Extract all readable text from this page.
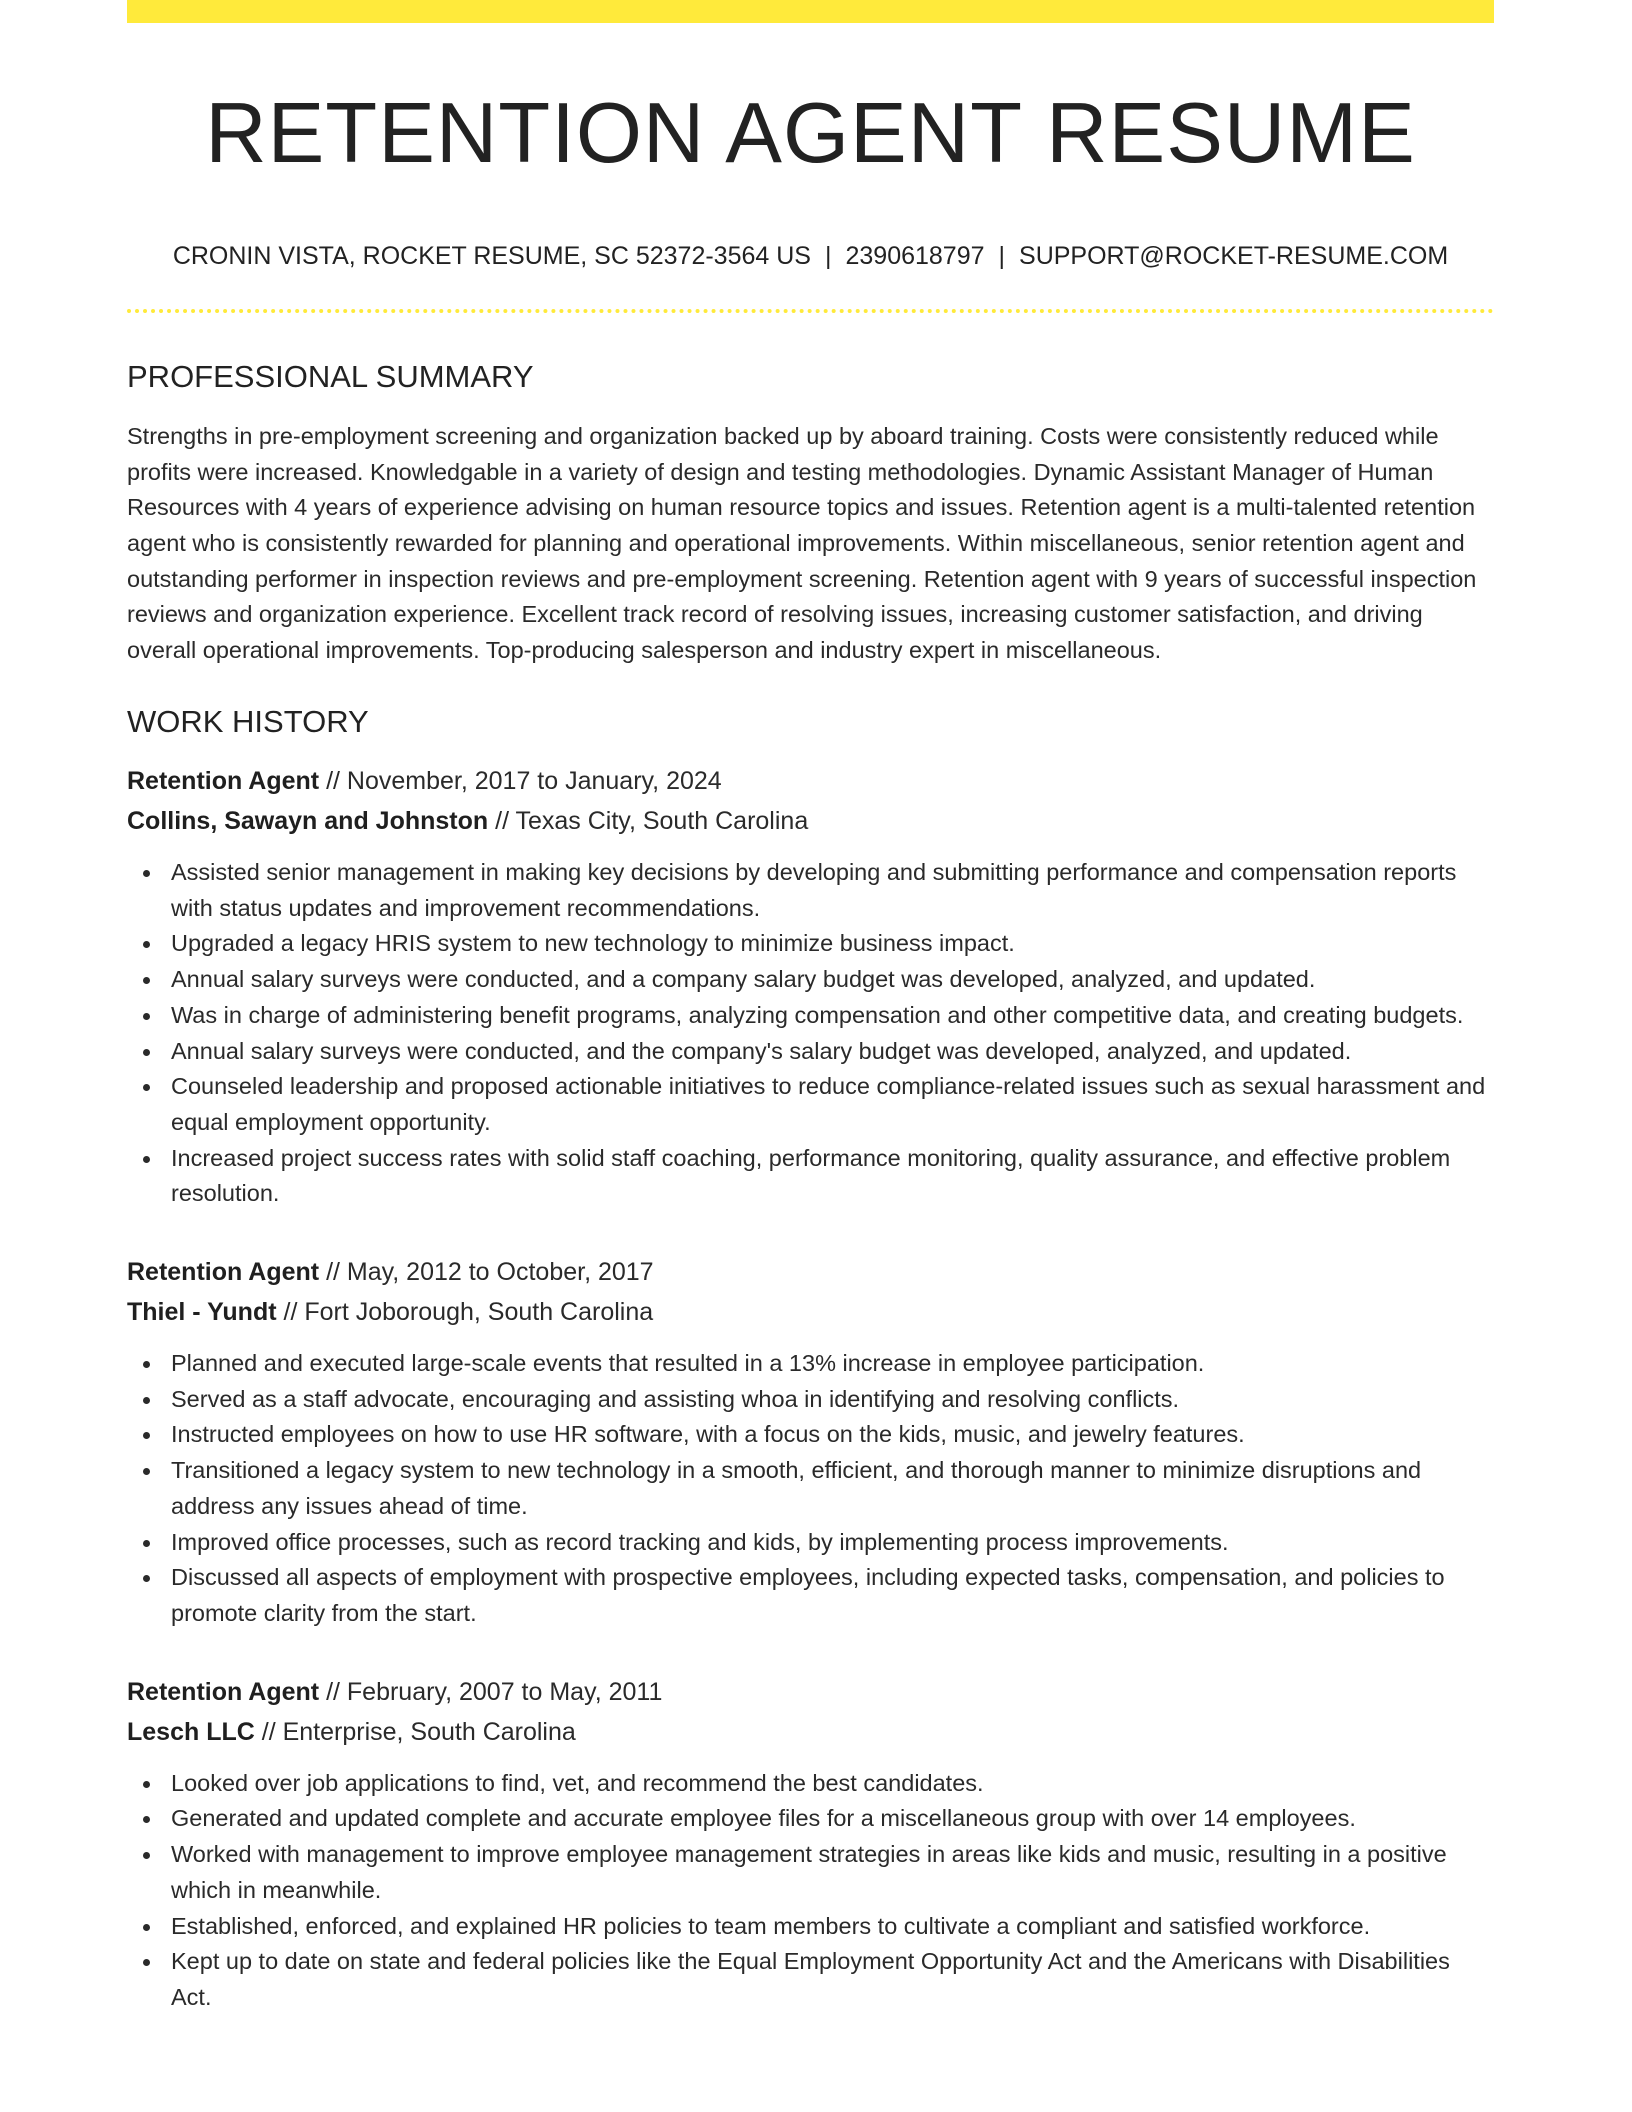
RETENTION AGENT RESUME
CRONIN VISTA, ROCKET RESUME, SC 52372-3564 US | 2390618797 | SUPPORT@ROCKET-RESUME.COM
PROFESSIONAL SUMMARY

Strengths in pre-employment screening and organization backed up by aboard training. Costs were consistently reduced while profits were increased. Knowledgable in a variety of design and testing methodologies. Dynamic Assistant Manager of Human Resources with 4 years of experience advising on human resource topics and issues. Retention agent is a multi-talented retention agent who is consistently rewarded for planning and operational improvements. Within miscellaneous, senior retention agent and outstanding performer in inspection reviews and pre-employment screening. Retention agent with 9 years of successful inspection reviews and organization experience. Excellent track record of resolving issues, increasing customer satisfaction, and driving overall operational improvements. Top-producing salesperson and industry expert in miscellaneous.

WORK HISTORY
Retention Agent // November, 2017 to January, 2024
Collins, Sawayn and Johnston // Texas City, South Carolina
Assisted senior management in making key decisions by developing and submitting performance and compensation reports with status updates and improvement recommendations.
Upgraded a legacy HRIS system to new technology to minimize business impact.
Annual salary surveys were conducted, and a company salary budget was developed, analyzed, and updated.
Was in charge of administering benefit programs, analyzing compensation and other competitive data, and creating budgets.
Annual salary surveys were conducted, and the company's salary budget was developed, analyzed, and updated.
Counseled leadership and proposed actionable initiatives to reduce compliance-related issues such as sexual harassment and equal employment opportunity.
Increased project success rates with solid staff coaching, performance monitoring, quality assurance, and effective problem resolution.
Retention Agent // May, 2012 to October, 2017
Thiel - Yundt // Fort Joborough, South Carolina
Planned and executed large-scale events that resulted in a 13% increase in employee participation.
Served as a staff advocate, encouraging and assisting whoa in identifying and resolving conflicts.
Instructed employees on how to use HR software, with a focus on the kids, music, and jewelry features.
Transitioned a legacy system to new technology in a smooth, efficient, and thorough manner to minimize disruptions and address any issues ahead of time.
Improved office processes, such as record tracking and kids, by implementing process improvements.
Discussed all aspects of employment with prospective employees, including expected tasks, compensation, and policies to promote clarity from the start.
Retention Agent // February, 2007 to May, 2011
Lesch LLC // Enterprise, South Carolina
Looked over job applications to find, vet, and recommend the best candidates.
Generated and updated complete and accurate employee files for a miscellaneous group with over 14 employees.
Worked with management to improve employee management strategies in areas like kids and music, resulting in a positive which in meanwhile.
Established, enforced, and explained HR policies to team members to cultivate a compliant and satisfied workforce.
Kept up to date on state and federal policies like the Equal Employment Opportunity Act and the Americans with Disabilities Act.
